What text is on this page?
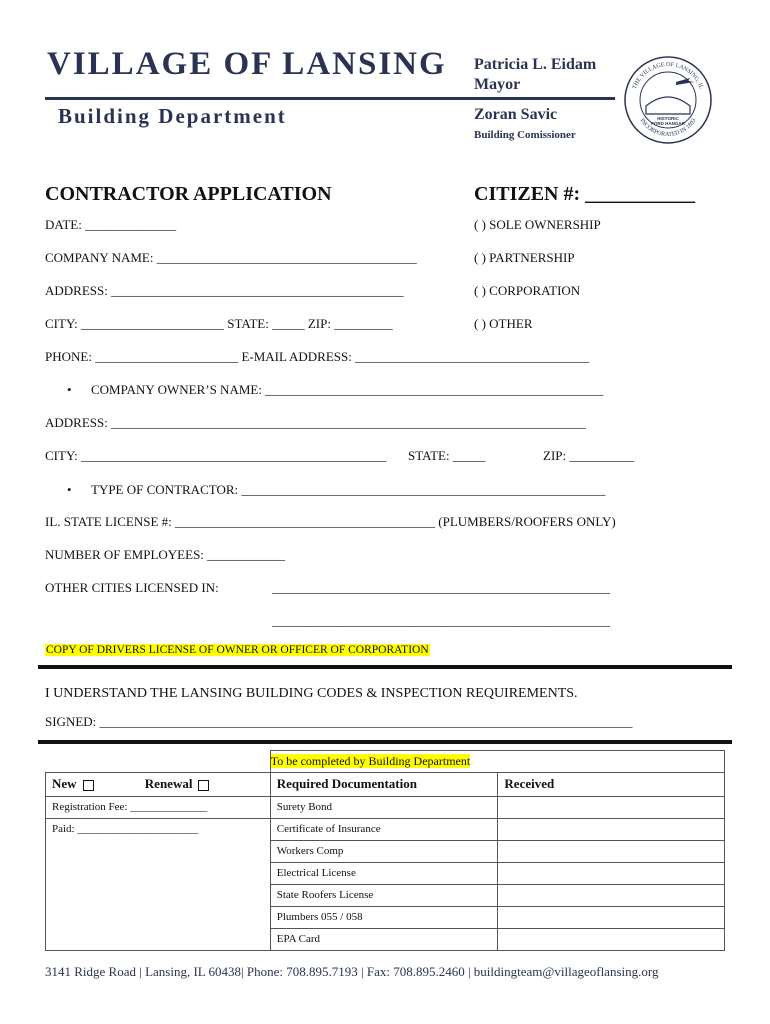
VILLAGE OF LANSING
Building Department
Patricia L. Eidam
Mayor
Zoran Savic
Building Comissioner
THE VILLAGE OF LANSING, IL
INCORPORATED IN 1893
HISTORIC
FORD HANGAR
CONTRACTOR APPLICATION	CITIZEN #: ___________
DATE: ______________
COMPANY NAME: ________________________________________
ADDRESS: _____________________________________________
CITY: ______________________ STATE: _____ ZIP: _________
( ) SOLE OWNERSHIP
( ) PARTNERSHIP
( ) CORPORATION
( ) OTHER
PHONE: ______________________ E-MAIL ADDRESS: ____________________________________
• COMPANY OWNER’S NAME: ____________________________________________________
ADDRESS: _________________________________________________________________________
CITY: _______________________________________________ STATE: _____	ZIP: __________
• TYPE OF CONTRACTOR: ________________________________________________________
IL. STATE LICENSE #: ________________________________________ (PLUMBERS/ROOFERS ONLY)
NUMBER OF EMPLOYEES: ____________
OTHER CITIES LICENSED IN:	____________________________________________________
____________________________________________________
COPY OF DRIVERS LICENSE OF OWNER OR OFFICER OF CORPORATION
I UNDERSTAND THE LANSING BUILDING CODES & INSPECTION REQUIREMENTS.
SIGNED: __________________________________________________________________________________
	To be completed by Building Department	
New Renewal	Required Documentation	Received
Registration Fee: ______________	Surety Bond	
Paid: ______________________	Certificate of Insurance	
	Workers Comp	
	Electrical License	
	State Roofers License	
	Plumbers 055 / 058	
	EPA Card	
3141 Ridge Road | Lansing, IL 60438| Phone: 708.895.7193 | Fax: 708.895.2460 | buildingteam@villageoflansing.org
